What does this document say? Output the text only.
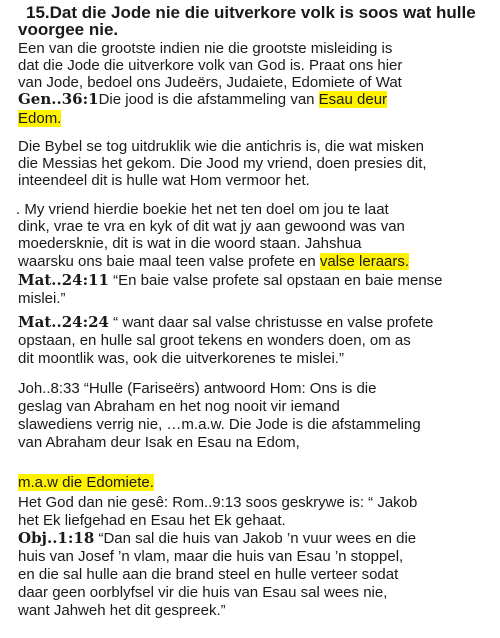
15.Dat die Jode nie die uitverkore volk is soos wat hulle
voorgee nie.
Een van die grootste indien nie die grootste misleiding is
dat die Jode die uitverkore volk van God is. Praat ons hier
van Jode, bedoel ons Judeërs, Judaiete, Edomiete of Wat
Gen..36:1Die jood is die afstammeling van Esau deur
Edom.
Die Bybel se tog uitdruklik wie die antichris is, die wat misken
die Messias het gekom. Die Jood my vriend, doen presies dit,
inteendeel dit is hulle wat Hom vermoor het.
. My vriend hierdie boekie het net ten doel om jou te laat
dink, vrae te vra en kyk of dit wat jy aan gewoond was van
moedersknie, dit is wat in die woord staan. Jahshua
waarsku ons baie maal teen valse profete en valse leraars.
Mat..24:11 “En baie valse profete sal opstaan en baie mense
mislei.”
Mat..24:24 “ want daar sal valse christusse en valse profete
opstaan, en hulle sal groot tekens en wonders doen, om as
dit moontlik was, ook die uitverkorenes te mislei.”
Joh..8:33 “Hulle (Fariseërs) antwoord Hom: Ons is die
geslag van Abraham en het nog nooit vir iemand
slawediens verrig nie, …m.a.w. Die Jode is die afstammeling
van Abraham deur Isak en Esau na Edom,
m.a.w die Edomiete.
Het God dan nie gesê: Rom..9:13 soos geskrywe is: “ Jakob
het Ek liefgehad en Esau het Ek gehaat.
Obj..1:18 “Dan sal die huis van Jakob ’n vuur wees en die
huis van Josef ’n vlam, maar die huis van Esau ’n stoppel,
en die sal hulle aan die brand steel en hulle verteer sodat
daar geen oorblyfsel vir die huis van Esau sal wees nie,
want Jahweh het dit gespreek.”
